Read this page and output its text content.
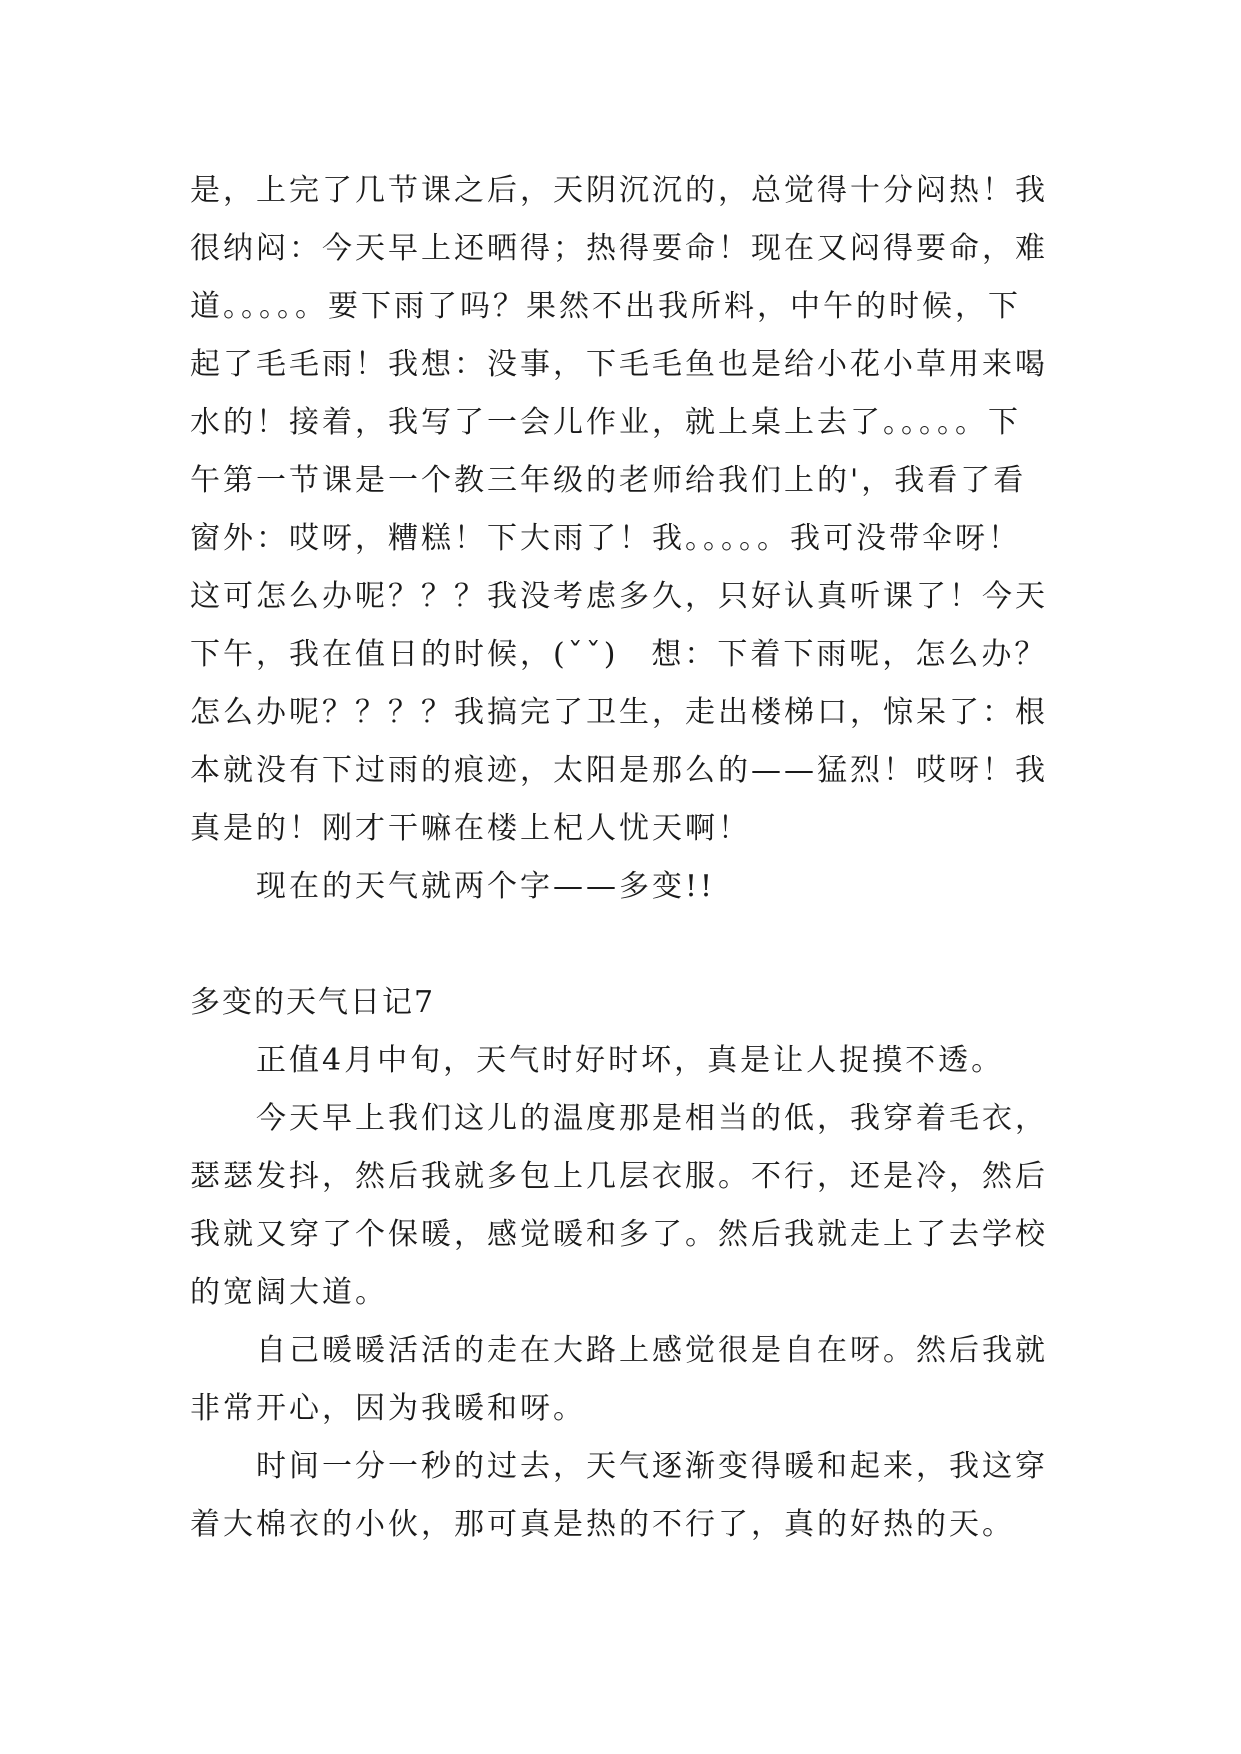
是，上完了几节课之后，天阴沉沉的，总觉得十分闷热！我
很纳闷：今天早上还晒得；热得要命！现在又闷得要命，难
道。。。。。要下雨了吗？果然不出我所料，中午的时候，下
起了毛毛雨！我想：没事，下毛毛鱼也是给小花小草用来喝
水的！接着，我写了一会儿作业，就上桌上去了。。。。。下
午第一节课是一个教三年级的老师给我们上的'，我看了看
窗外：哎呀，糟糕！下大雨了！我。。。。。我可没带伞呀！
这可怎么办呢？？？我没考虑多久，只好认真听课了！今天
下午，我在值日的时候，(ˇˇ)　想：下着下雨呢，怎么办？
怎么办呢？？？？我搞完了卫生，走出楼梯口，惊呆了：根
本就没有下过雨的痕迹，太阳是那么的——猛烈！哎呀！我
真是的！刚才干嘛在楼上杞人忧天啊！
现在的天气就两个字——多变!!
多变的天气日记7
正值4月中旬，天气时好时坏，真是让人捉摸不透。
今天早上我们这儿的温度那是相当的低，我穿着毛衣，
瑟瑟发抖，然后我就多包上几层衣服。不行，还是冷，然后
我就又穿了个保暖，感觉暖和多了。然后我就走上了去学校
的宽阔大道。
自己暖暖活活的走在大路上感觉很是自在呀。然后我就
非常开心，因为我暖和呀。
时间一分一秒的过去，天气逐渐变得暖和起来，我这穿
着大棉衣的小伙，那可真是热的不行了，真的好热的天。
